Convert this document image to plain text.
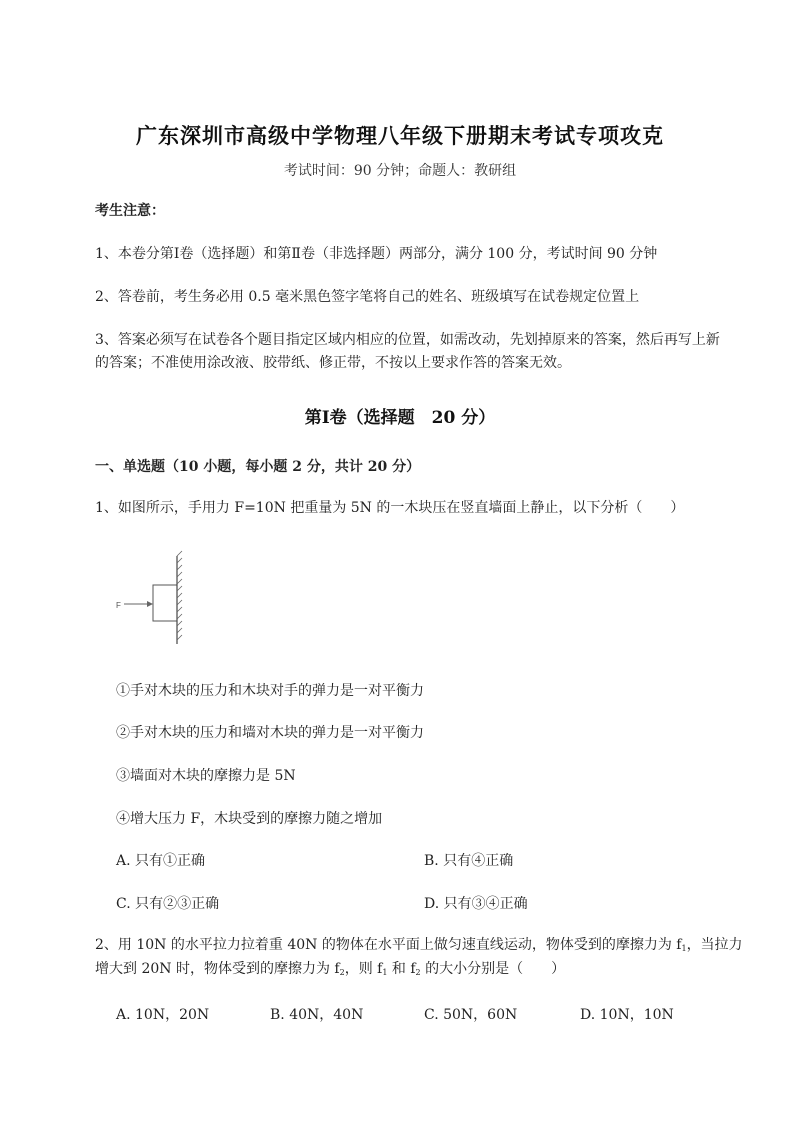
广东深圳市高级中学物理八年级下册期末考试专项攻克
考试时间：90 分钟；命题人：教研组
考生注意：
1、本卷分第Ⅰ卷（选择题）和第Ⅱ卷（非选择题）两部分，满分 100 分，考试时间 90 分钟
2、答卷前，考生务必用 0.5 毫米黑色签字笔将自己的姓名、班级填写在试卷规定位置上
3、答案必须写在试卷各个题目指定区域内相应的位置，如需改动，先划掉原来的答案，然后再写上新
的答案；不准使用涂改液、胶带纸、修正带，不按以上要求作答的答案无效。
第Ⅰ卷（选择题　20 分）
一、单选题（10 小题，每小题 2 分，共计 20 分）
1、如图所示，手用力 F=10N 把重量为 5N 的一木块压在竖直墙面上静止，以下分析（　　）
F
①手对木块的压力和木块对手的弹力是一对平衡力
②手对木块的压力和墙对木块的弹力是一对平衡力
③墙面对木块的摩擦力是 5N
④增大压力 F，木块受到的摩擦力随之增加
A. 只有①正确	B. 只有④正确
C. 只有②③正确	D. 只有③④正确
2、用 10N 的水平拉力拉着重 40N 的物体在水平面上做匀速直线运动，物体受到的摩擦力为 $f_1$，当拉力
增大到 20N 时，物体受到的摩擦力为 $f_2$，则 $f_1$ 和 $f_2$ 的大小分别是（　　）
A. 10N，20N	B. 40N，40N	C. 50N，60N	D. 10N，10N
